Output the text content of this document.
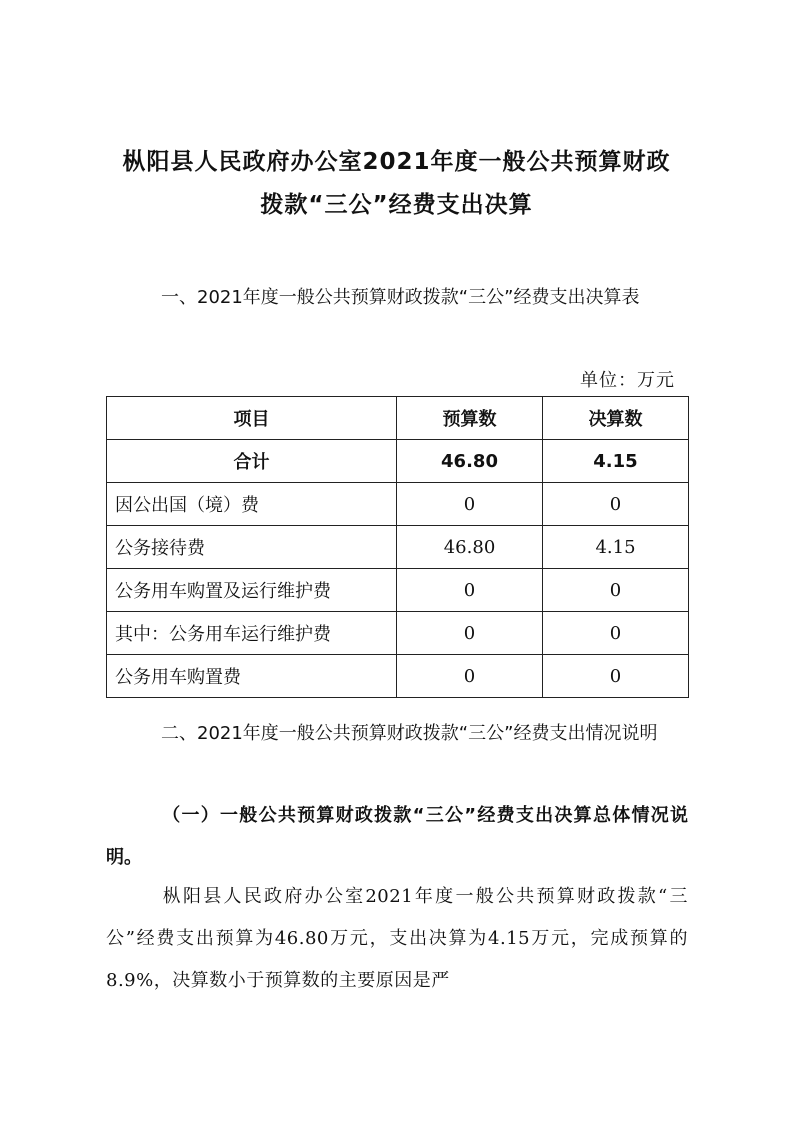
枞阳县人民政府办公室2021年度一般公共预算财政
拨款“三公”经费支出决算
一、2021年度一般公共预算财政拨款“三公”经费支出决算表
单位：万元
项目	预算数	决算数
合计	46.80	4.15
因公出国（境）费	0	0
公务接待费	46.80	4.15
公务用车购置及运行维护费	0	0
其中：公务用车运行维护费	0	0
公务用车购置费	0	0
二、2021年度一般公共预算财政拨款“三公”经费支出情况说明
（一）一般公共预算财政拨款“三公”经费支出决算总体情况说明。
枞阳县人民政府办公室2021年度一般公共预算财政拨款“三公”经费支出预算为46.80万元，支出决算为4.15万元，完成预算的8.9%，决算数小于预算数的主要原因是严
